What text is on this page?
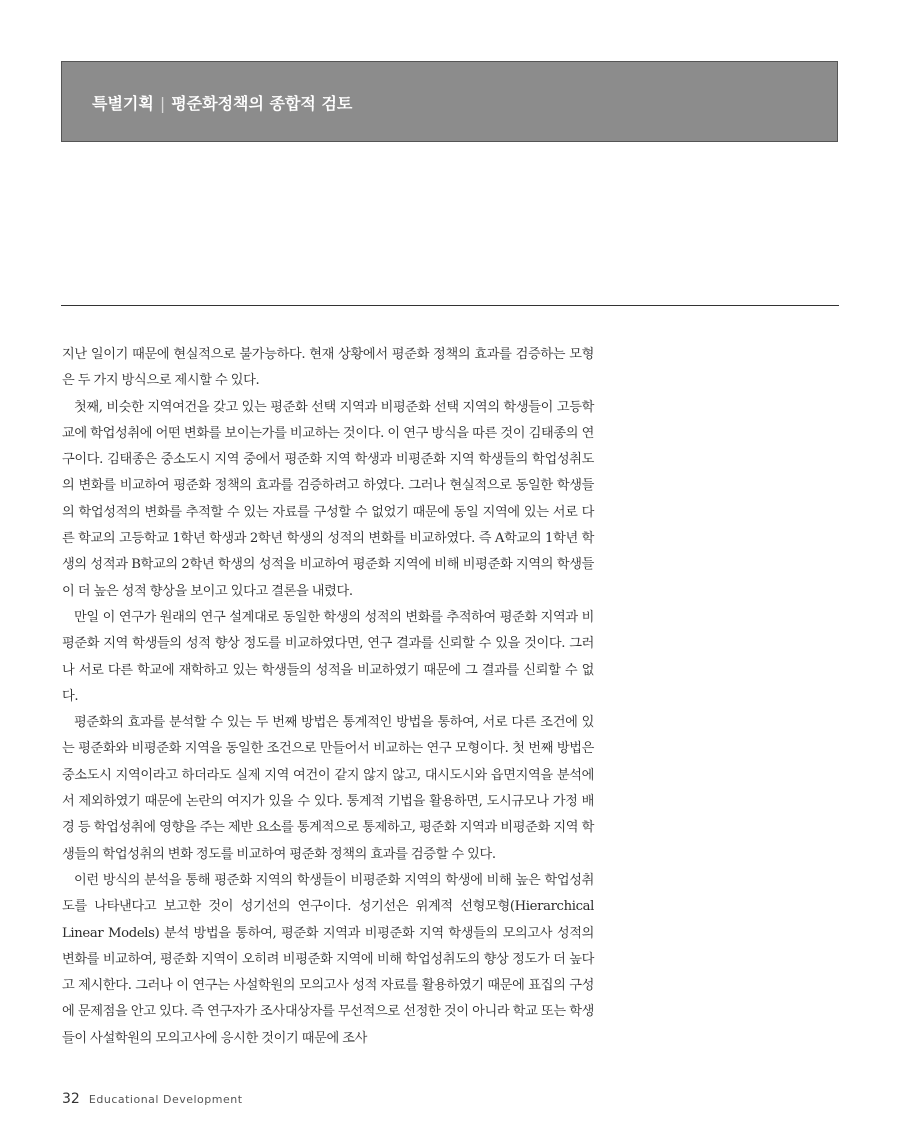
특별기획 | 평준화정책의 종합적 검토

지난 일이기 때문에 현실적으로 불가능하다. 현재 상황에서 평준화 정책의 효과를 검증하는 모형은 두 가지 방식으로 제시할 수 있다.

첫째, 비슷한 지역여건을 갖고 있는 평준화 선택 지역과 비평준화 선택 지역의 학생들이 고등학교에 학업성취에 어떤 변화를 보이는가를 비교하는 것이다. 이 연구 방식을 따른 것이 김태종의 연구이다. 김태종은 중소도시 지역 중에서 평준화 지역 학생과 비평준화 지역 학생들의 학업성취도의 변화를 비교하여 평준화 정책의 효과를 검증하려고 하였다. 그러나 현실적으로 동일한 학생들의 학업성적의 변화를 추적할 수 있는 자료를 구성할 수 없었기 때문에 동일 지역에 있는 서로 다른 학교의 고등학교 1학년 학생과 2학년 학생의 성적의 변화를 비교하였다. 즉 A학교의 1학년 학생의 성적과 B학교의 2학년 학생의 성적을 비교하여 평준화 지역에 비해 비평준화 지역의 학생들이 더 높은 성적 향상을 보이고 있다고 결론을 내렸다.

만일 이 연구가 원래의 연구 설계대로 동일한 학생의 성적의 변화를 추적하여 평준화 지역과 비평준화 지역 학생들의 성적 향상 정도를 비교하였다면, 연구 결과를 신뢰할 수 있을 것이다. 그러나 서로 다른 학교에 재학하고 있는 학생들의 성적을 비교하였기 때문에 그 결과를 신뢰할 수 없다.

평준화의 효과를 분석할 수 있는 두 번째 방법은 통계적인 방법을 통하여, 서로 다른 조건에 있는 평준화와 비평준화 지역을 동일한 조건으로 만들어서 비교하는 연구 모형이다. 첫 번째 방법은 중소도시 지역이라고 하더라도 실제 지역 여건이 같지 않지 않고, 대시도시와 읍면지역을 분석에서 제외하였기 때문에 논란의 여지가 있을 수 있다. 통계적 기법을 활용하면, 도시규모나 가정 배경 등 학업성취에 영향을 주는 제반 요소를 통계적으로 통제하고, 평준화 지역과 비평준화 지역 학생들의 학업성취의 변화 정도를 비교하여 평준화 정책의 효과를 검증할 수 있다.

이런 방식의 분석을 통해 평준화 지역의 학생들이 비평준화 지역의 학생에 비해 높은 학업성취도를 나타낸다고 보고한 것이 성기선의 연구이다. 성기선은 위계적 선형모형(Hierarchical Linear Models) 분석 방법을 통하여, 평준화 지역과 비평준화 지역 학생들의 모의고사 성적의 변화를 비교하여, 평준화 지역이 오히려 비평준화 지역에 비해 학업성취도의 향상 정도가 더 높다고 제시한다. 그러나 이 연구는 사설학원의 모의고사 성적 자료를 활용하였기 때문에 표집의 구성에 문제점을 안고 있다. 즉 연구자가 조사대상자를 무선적으로 선정한 것이 아니라 학교 또는 학생들이 사설학원의 모의고사에 응시한 것이기 때문에 조사

32 Educational Development
